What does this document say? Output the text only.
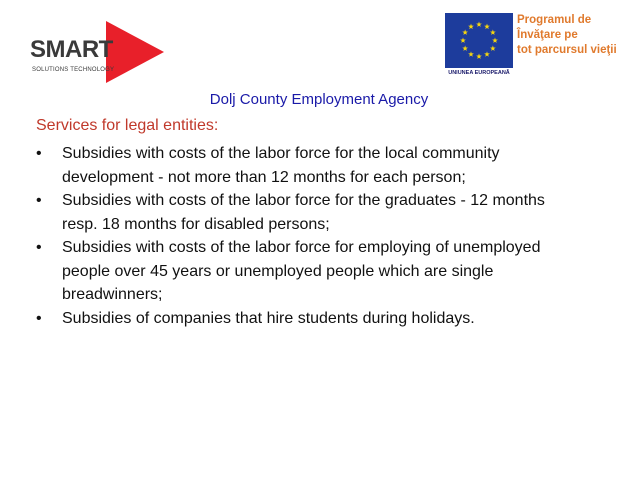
SMART
SOLUTIONS TECHNOLOGY	UNIUNEA EUROPEANĂ
Programul de
Învăţare pe
tot parcursul vieţii
Dolj County Employment Agency
Services for legal entities:
• Subsidies with costs of the labor force for the local community
development - not more than 12 months for each person;
• Subsidies with costs of the labor force for the graduates - 12 months
resp. 18 months for disabled persons;
• Subsidies with costs of the labor force for employing of unemployed
people over 45 years or unemployed people which are single
breadwinners;
• Subsidies of companies that hire students during holidays.
